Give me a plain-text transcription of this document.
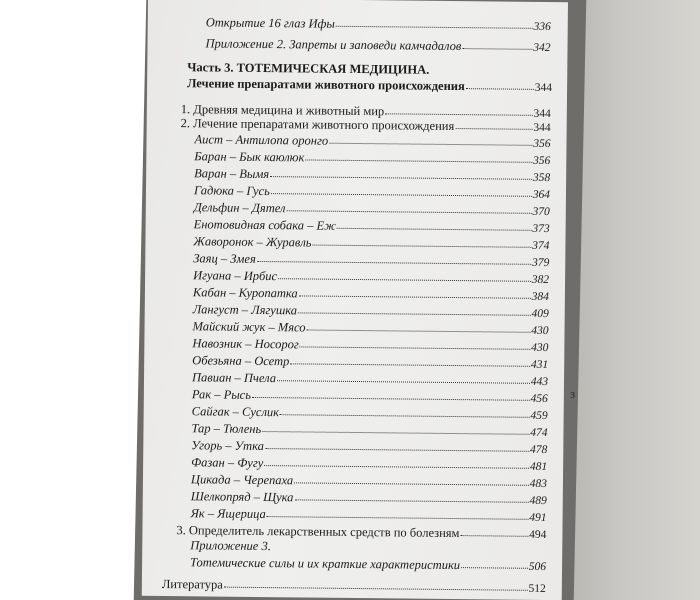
з
Открытие 16 глаз Ифы	336
Приложение 2. Запреты и заповеди камчадалов	342
Часть 3. ТОТЕМИЧЕСКАЯ МЕДИЦИНА.
Лечение препаратами животного происхождения	344
1. Древняя медицина и животный мир	344
2. Лечение препаратами животного происхождения	344
Аист – Антилопа оронго	356
Баран – Бык каюлюк	356
Варан – Вымя	358
Гадюка – Гусь	364
Дельфин – Дятел	370
Енотовидная собака – Еж	373
Жаворонок – Журавль	374
Заяц – Змея	379
Игуана – Ирбис	382
Кабан – Куропатка	384
Лангуст – Лягушка	409
Майский жук – Мясо	430
Навозник – Носорог	430
Обезьяна – Осетр	431
Павиан – Пчела	443
Рак – Рысь	456
Сайгак – Суслик	459
Тар – Тюлень	474
Угорь – Утка	478
Фазан – Фугу	481
Цикада – Черепаха	483
Шелкопряд – Щука	489
Як – Ящерица	491
3. Определитель лекарственных средств по болезням	494
Приложение 3.
Тотемические силы и их краткие характеристики	506
Литература	512
